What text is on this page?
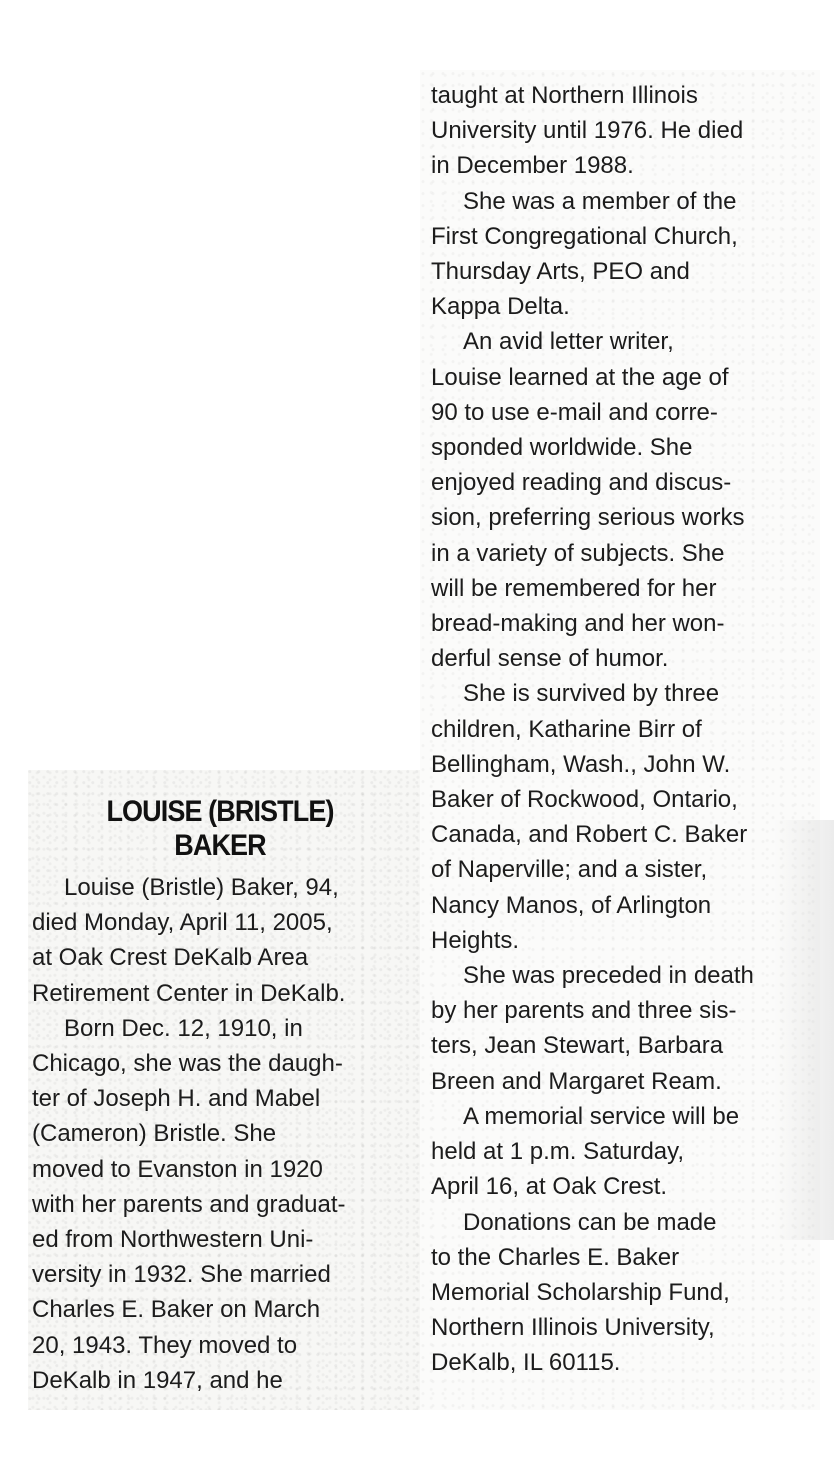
LOUISE (BRISTLE)
BAKER
Louise (Bristle) Baker, 94,
died Monday, April 11, 2005,
at Oak Crest DeKalb Area
Retirement Center in DeKalb.
Born Dec. 12, 1910, in
Chicago, she was the daugh-
ter of Joseph H. and Mabel
(Cameron) Bristle. She
moved to Evanston in 1920
with her parents and graduat-
ed from Northwestern Uni-
versity in 1932. She married
Charles E. Baker on March
20, 1943. They moved to
DeKalb in 1947, and he
taught at Northern Illinois
University until 1976. He died
in December 1988.
She was a member of the
First Congregational Church,
Thursday Arts, PEO and
Kappa Delta.
An avid letter writer,
Louise learned at the age of
90 to use e-mail and corre-
sponded worldwide. She
enjoyed reading and discus-
sion, preferring serious works
in a variety of subjects. She
will be remembered for her
bread-making and her won-
derful sense of humor.
She is survived by three
children, Katharine Birr of
Bellingham, Wash., John W.
Baker of Rockwood, Ontario,
Canada, and Robert C. Baker
of Naperville; and a sister,
Nancy Manos, of Arlington
Heights.
She was preceded in death
by her parents and three sis-
ters, Jean Stewart, Barbara
Breen and Margaret Ream.
A memorial service will be
held at 1 p.m. Saturday,
April 16, at Oak Crest.
Donations can be made
to the Charles E. Baker
Memorial Scholarship Fund,
Northern Illinois University,
DeKalb, IL 60115.
